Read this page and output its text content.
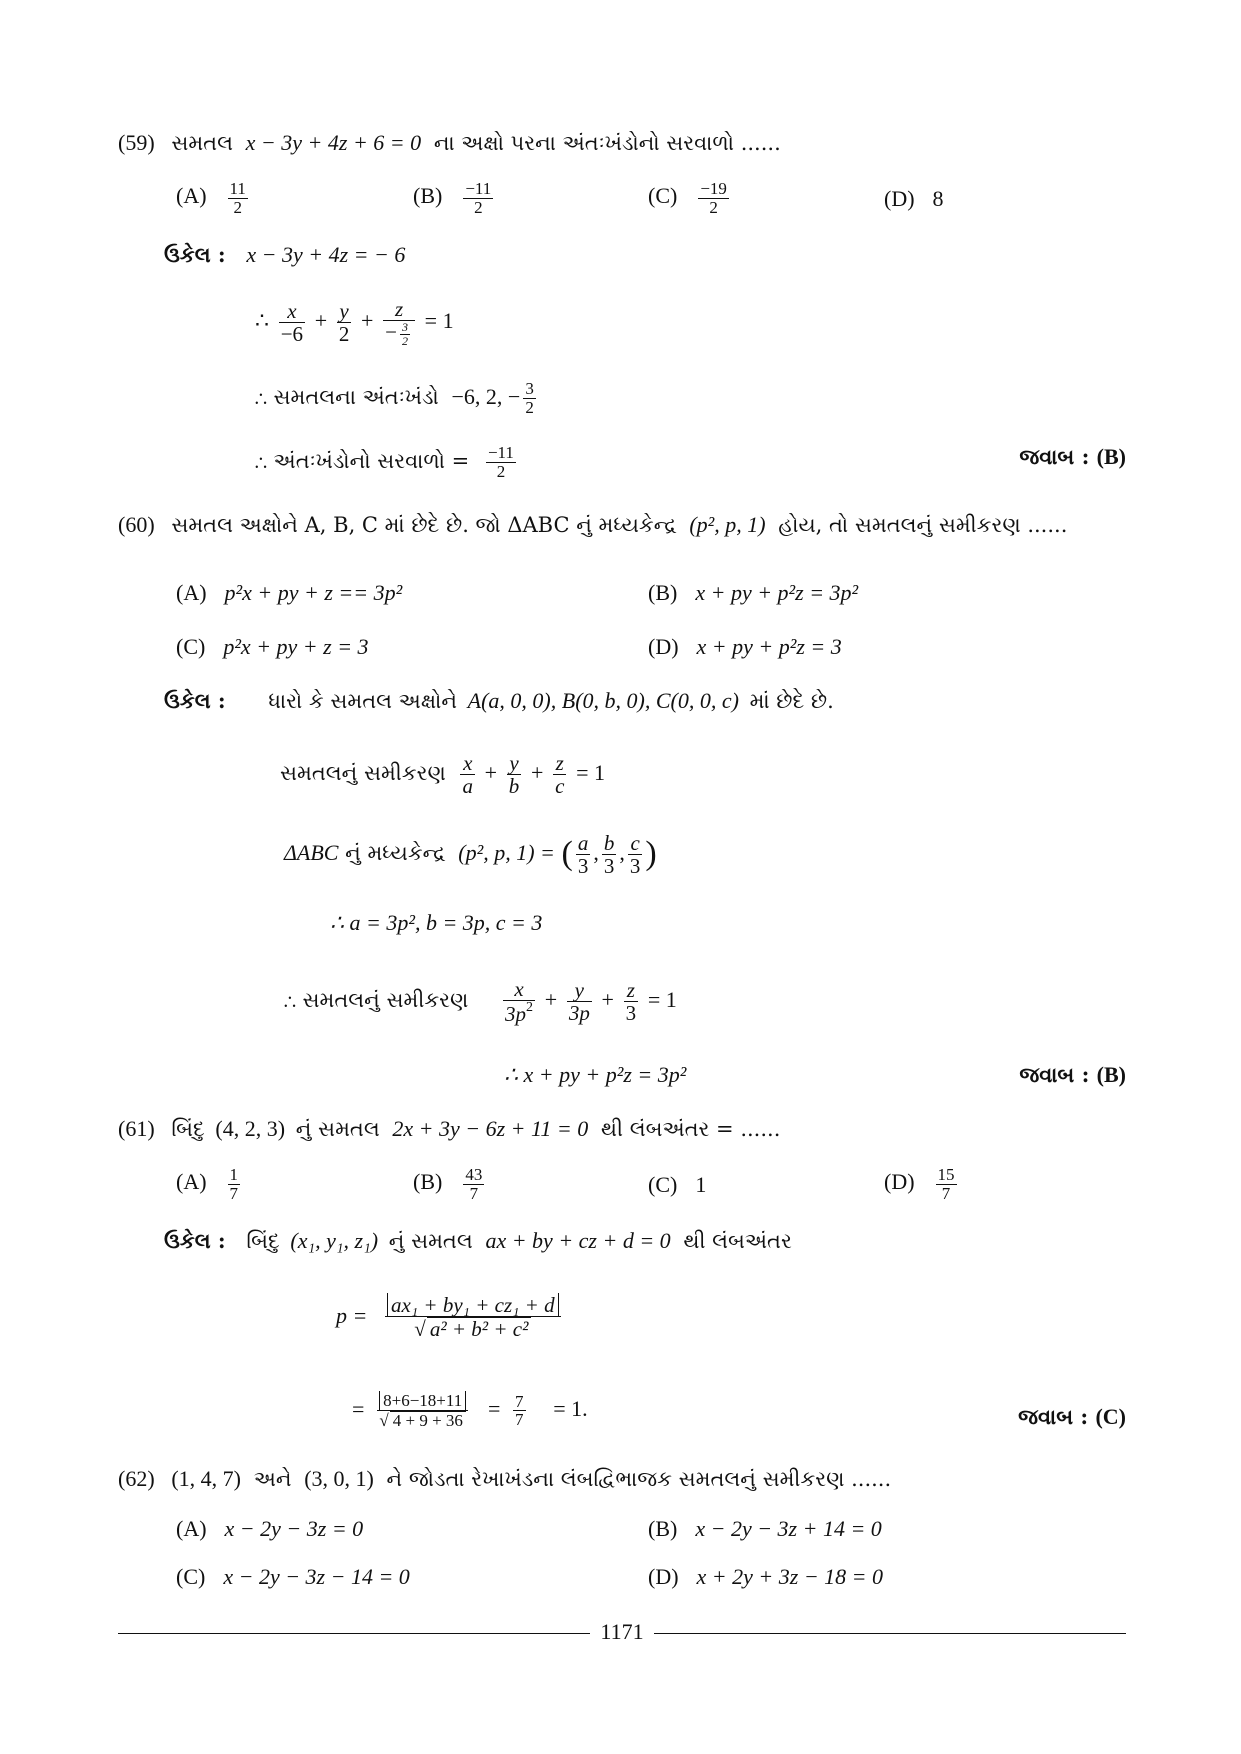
(59) સમતલ x − 3y + 4z + 6 = 0 ના અક્ષો પરના અંતઃખંડોનો સરવાળો ......
$(A) \frac{11}{2}$	$(B) \frac{-11}{2}$	$(C) \frac{-19}{2}$	(D) 8
ઉકેલ : x − 3y + 4z = − 6
∴ $\frac{x}{-6} + \frac{y}{2} + \frac{z}{- \frac{3}{2}} = 1$
∴ સમતલના અંતઃખંડો −6, 2, − $\frac{3}{2}$
∴ અંતઃખંડોનો સરવાળો = $\frac{-11}{2}$	જવાબ : (B)
(60) સમતલ અક્ષોને A, B, C માં છેદે છે. જો ΔABC નું મધ્યકેન્દ્ર (p², p, 1) હોય, તો સમતલનું સમીકરણ ......
(A) p²x + py + z == 3p²	(B) x + py + p²z = 3p²
(C) p²x + py + z = 3	(D) x + py + p²z = 3
ઉકેલ : ધારો કે સમતલ અક્ષોને A(a, 0, 0), B(0, b, 0), C(0, 0, c) માં છેદે છે.
સમતલનું સમીકરણ $\frac{x}{a} + \frac{y}{b} + \frac{z}{c} = 1$
ΔABC નું મધ્યકેન્દ્ર (p², p, 1) = ( $\frac{a}{3}$ , $\frac{b}{3}$ , $\frac{c}{3}$ )
∴ a = 3p², b = 3p, c = 3
∴ સમતલનું સમીકરણ $\frac{x}{3p^2} + \frac{y}{3p} + \frac{z}{3} = 1$
∴ x + py + p²z = 3p²	જવાબ : (B)
(61) બિંદુ (4, 2, 3) નું સમતલ 2x + 3y − 6z + 11 = 0 થી લંબઅંતર = ......
$(A) \frac{1}{7}$	$(B) \frac{43}{7}$	(C) 1	$(D) \frac{15}{7}$
ઉકેલ : બિંદુ (x₁, y₁, z₁) નું સમતલ ax + by + cz + d = 0 થી લંબઅંતર
$p = \frac{\text{ax₁ + by₁ + cz₁ + d}}{\text{√ a² + b² + c²}}$
= $\frac{8+6-18+11}{√ 4 + 9 + 36} = \frac{7}{7} = 1$.	જવાબ : (C)
(62) (1, 4, 7) અને (3, 0, 1) ને જોડતા રેખાખંડના લંબદ્વિભાજક સમતલનું સમીકરણ ......
(A) x − 2y − 3z = 0	(B) x − 2y − 3z + 14 = 0
(C) x − 2y − 3z − 14 = 0	(D) x + 2y + 3z − 18 = 0
1171
